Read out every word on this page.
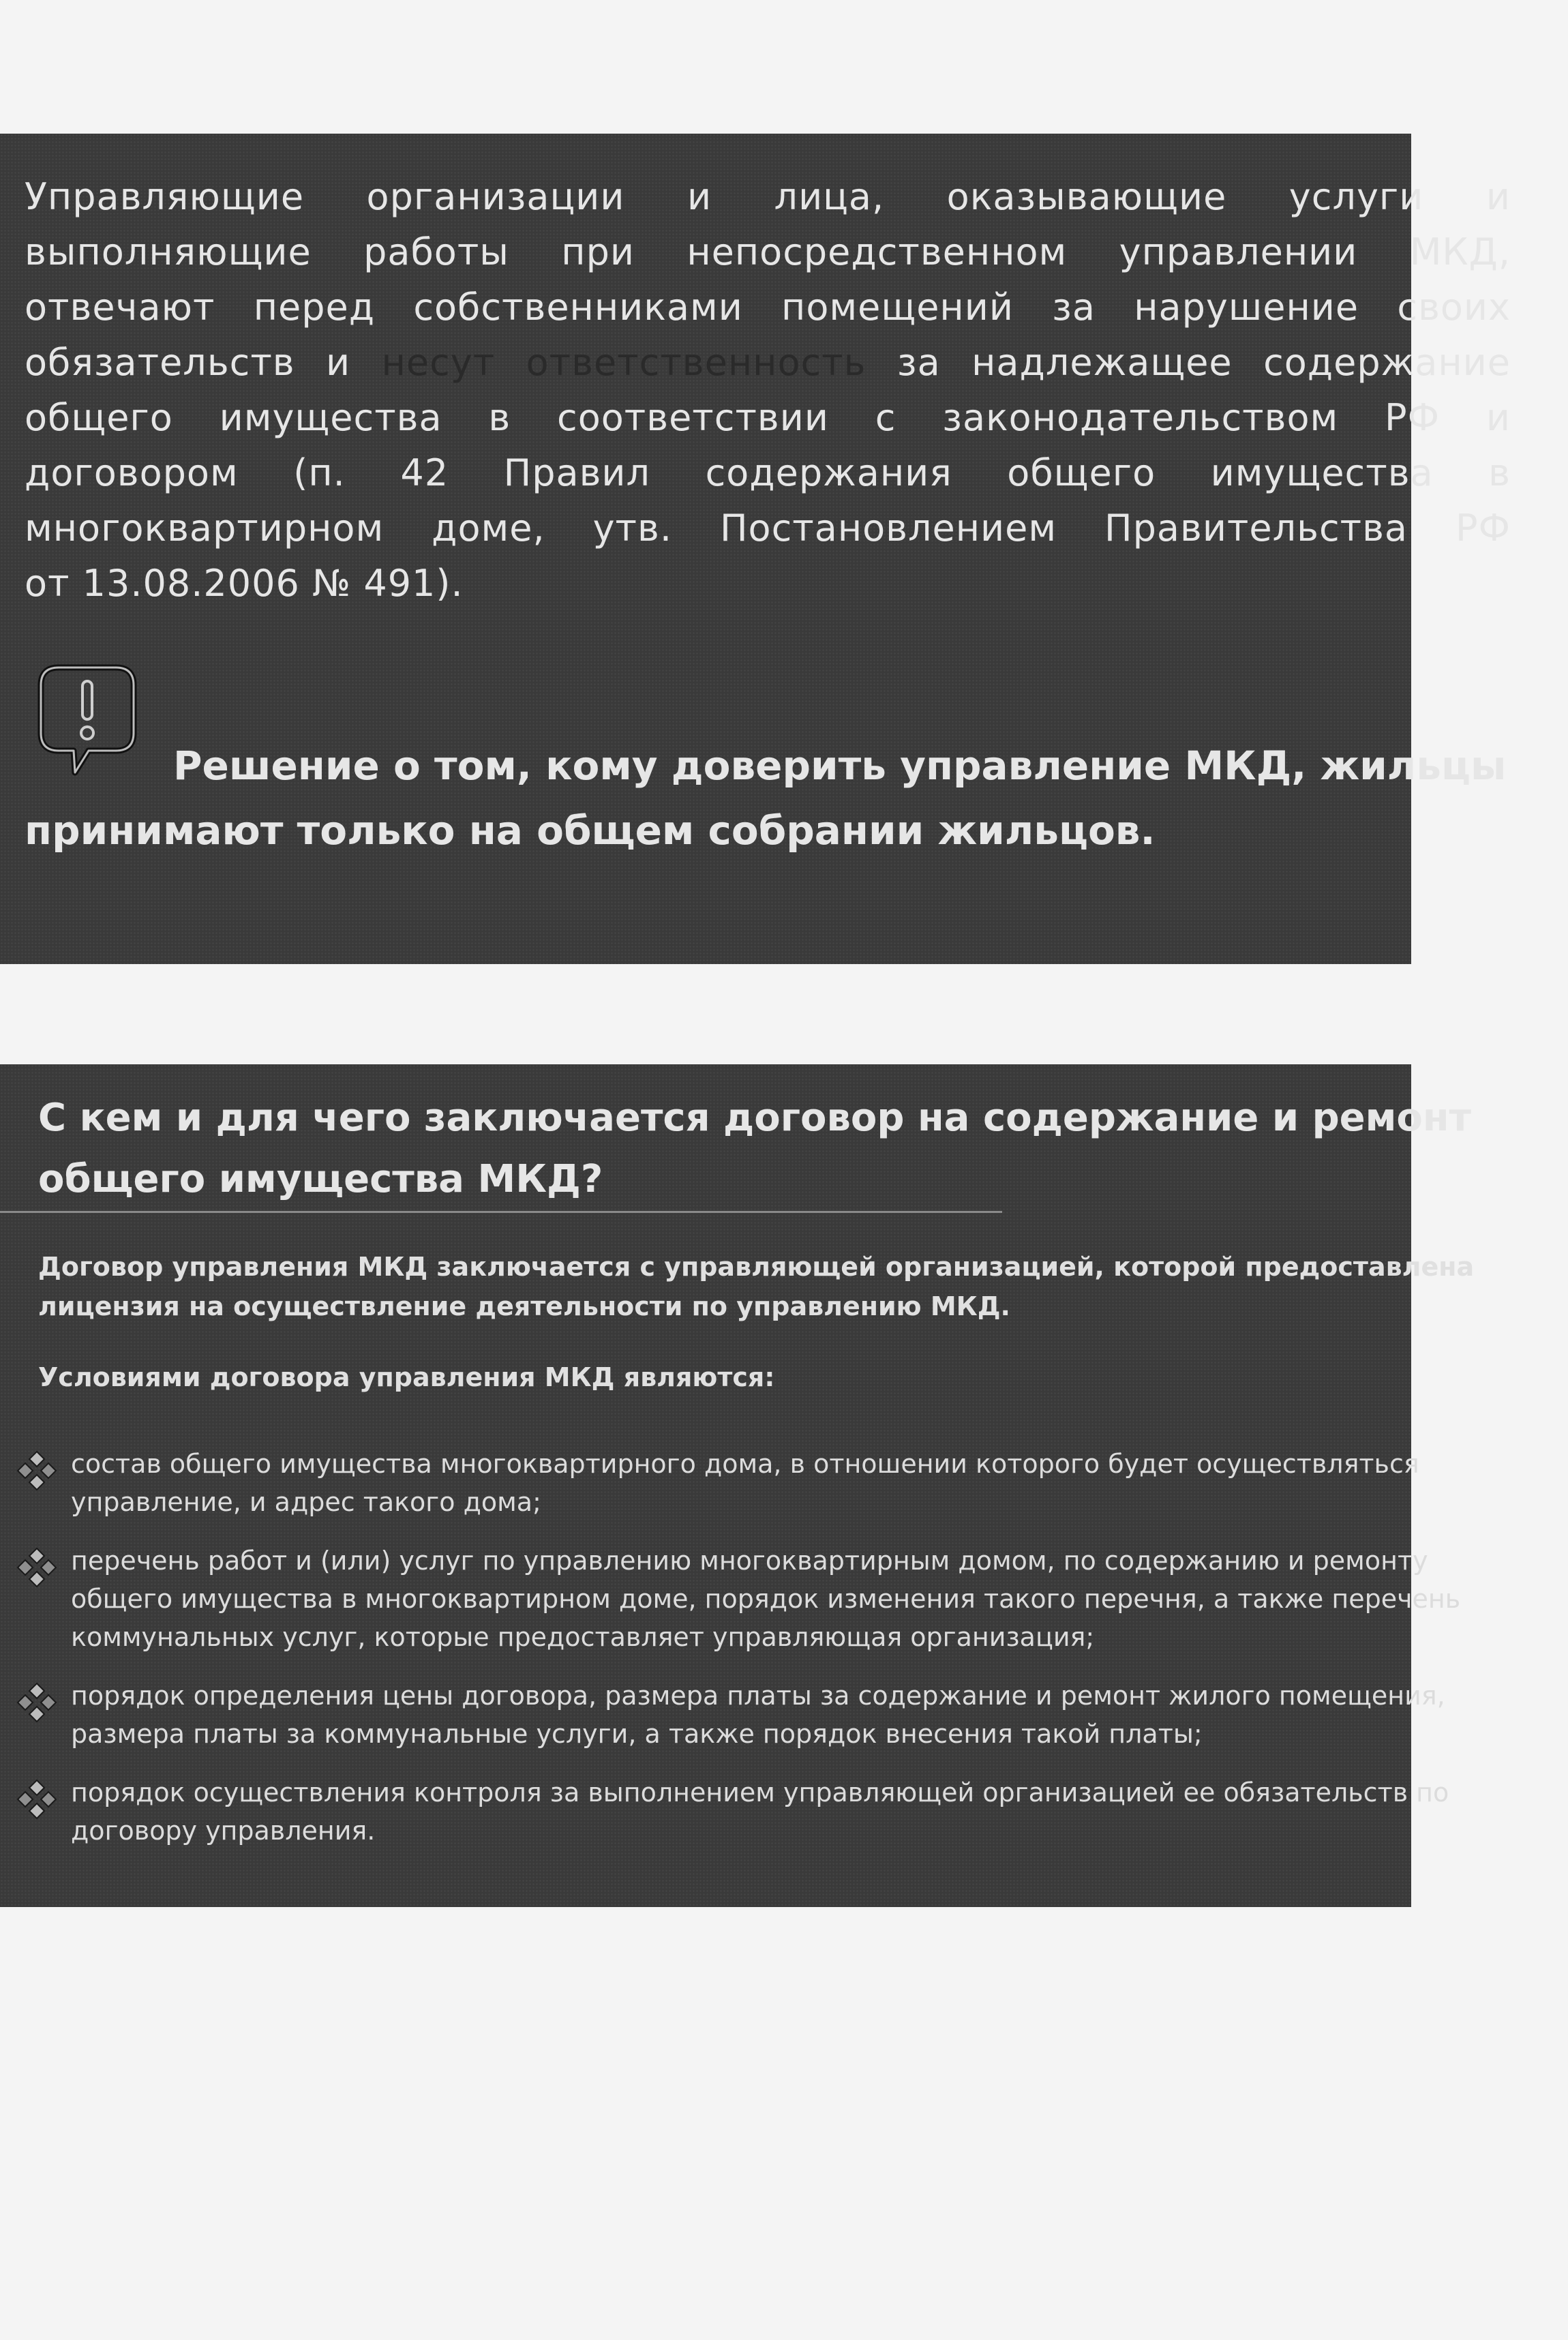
Управляющие организации и лица, оказывающие услуги и
выполняющие работы при непосредственном управлении МКД,
отвечают перед собственниками помещений за нарушение своих
обязательств и несут ответственность за надлежащее содержание
общего имущества в соответствии с законодательством РФ и
договором (п. 42 Правил содержания общего имущества в
многоквартирном доме, утв. Постановлением Правительства РФ
от 13.08.2006 № 491).

Решение о том, кому доверить управление МКД, жильцы
принимают только на общем собрании жильцов.

С кем и для чего заключается договор на содержание и ремонт
общего имущества МКД?

Договор управления МКД заключается с управляющей организацией, которой предоставлена
лицензия на осуществление деятельности по управлению МКД.

Условиями договора управления МКД являются:

состав общего имущества многоквартирного дома, в отношении которого будет осуществляться
управление, и адрес такого дома;
перечень работ и (или) услуг по управлению многоквартирным домом, по содержанию и ремонту
общего имущества в многоквартирном доме, порядок изменения такого перечня, а также перечень
коммунальных услуг, которые предоставляет управляющая организация;
порядок определения цены договора, размера платы за содержание и ремонт жилого помещения,
размера платы за коммунальные услуги, а также порядок внесения такой платы;
порядок осуществления контроля за выполнением управляющей организацией ее обязательств по
договору управления.
